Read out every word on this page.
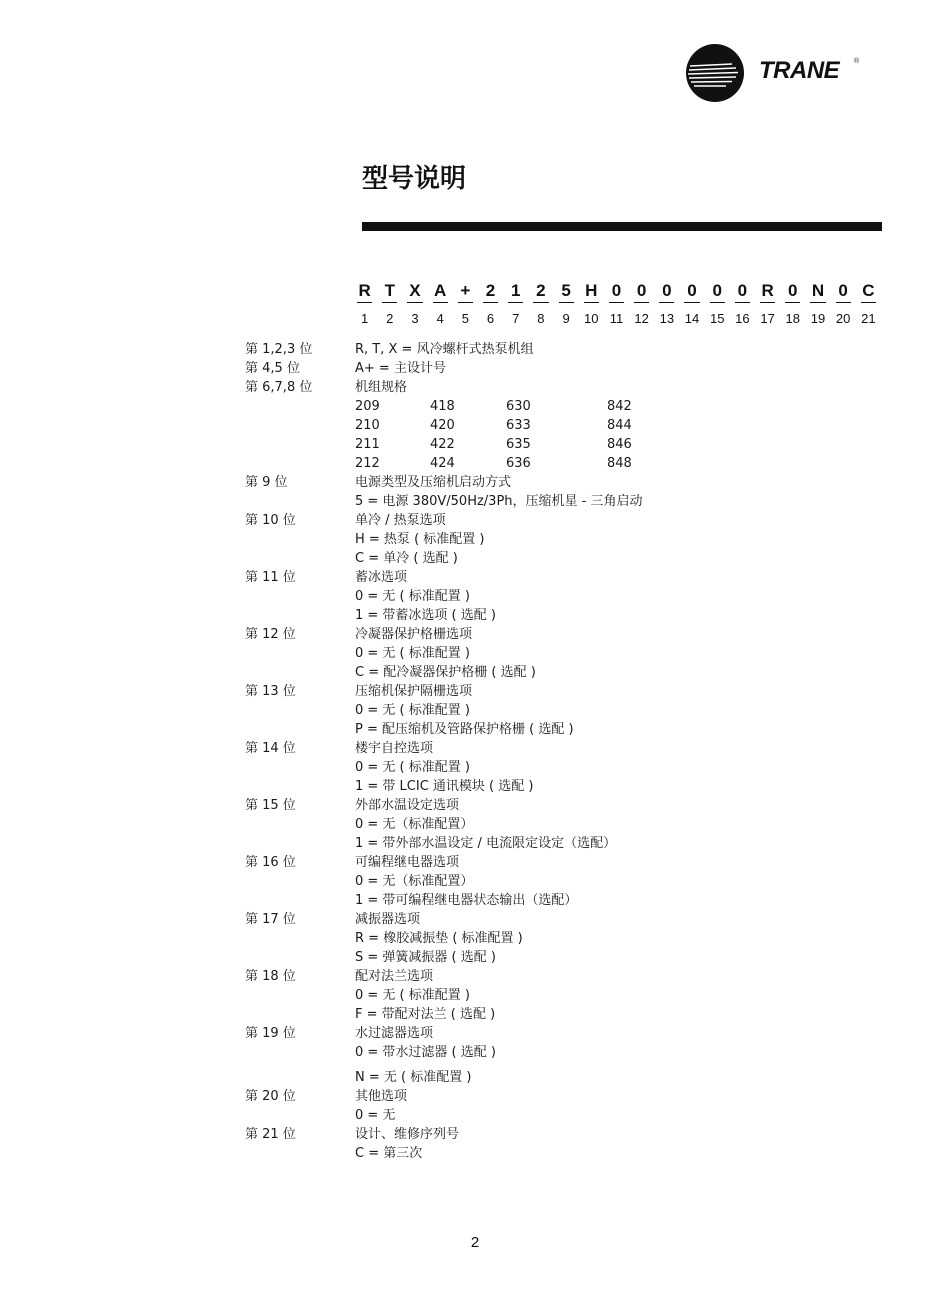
TRANE ®
型号说明
R T X A + 2 1 2 5 H 0 0 0 0 0 0 R 0 N 0 C
1	2	3	4	5	6	7	8	9	10 11 12 13 14 15 16 17 18 19 20 21
第 1,2,3 位	R, T, X = 风冷螺杆式热泵机组
第 4,5 位	A+ = 主设计号
第 6,7,8 位	机组规格
209	418	630	842
210	420	633	844
211	422	635	846
212	424	636	848
第 9 位	电源类型及压缩机启动方式
5 = 电源 380V/50Hz/3Ph，压缩机星 - 三角启动
第 10 位	单冷 / 热泵选项
H = 热泵 ( 标准配置 )
C = 单冷 ( 选配 )
第 11 位	蓄冰选项
0 = 无 ( 标准配置 )
1 = 带蓄冰选项 ( 选配 )
第 12 位	冷凝器保护格栅选项
0 = 无 ( 标准配置 )
C = 配冷凝器保护格栅 ( 选配 )
第 13 位	压缩机保护隔栅选项
0 = 无 ( 标准配置 )
P = 配压缩机及管路保护格栅 ( 选配 )
第 14 位	楼宇自控选项
0 = 无 ( 标准配置 )
1 = 带 LCIC 通讯模块 ( 选配 )
第 15 位	外部水温设定选项
0 = 无（标准配置）
1 = 带外部水温设定 / 电流限定设定（选配）
第 16 位	可编程继电器选项
0 = 无（标准配置）
1 = 带可编程继电器状态输出（选配）
第 17 位	减振器选项
R = 橡胶减振垫 ( 标准配置 )
S = 弹簧减振器 ( 选配 )
第 18 位	配对法兰选项
0 = 无 ( 标准配置 )
F = 带配对法兰 ( 选配 )
第 19 位	水过滤器选项
0 = 带水过滤器 ( 选配 )
N = 无 ( 标准配置 )
第 20 位	其他选项
0 = 无
第 21 位	设计、维修序列号
C = 第三次
2
